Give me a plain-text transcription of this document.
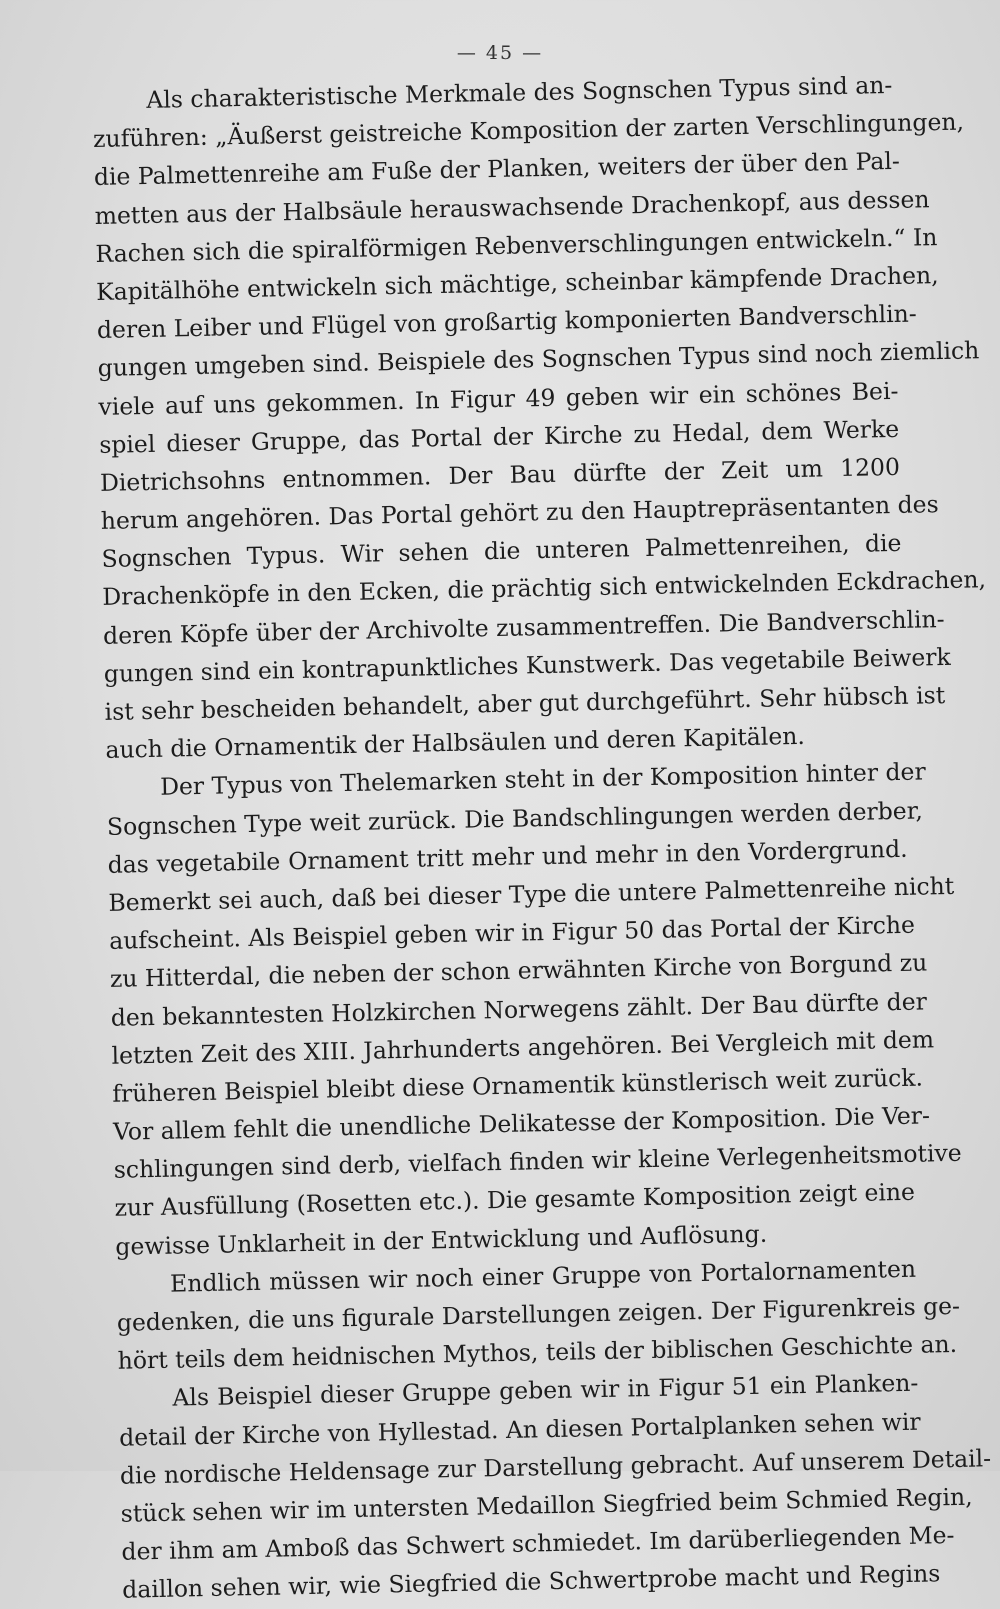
— 45 —
Als charakteristische Merkmale des Sognschen Typus sind an-
zuführen: „Äußerst geistreiche Komposition der zarten Verschlingungen,
die Palmettenreihe am Fuße der Planken, weiters der über den Pal-
metten aus der Halbsäule herauswachsende Drachenkopf, aus dessen
Rachen sich die spiralförmigen Rebenverschlingungen entwickeln.“ In
Kapitälhöhe entwickeln sich mächtige, scheinbar kämpfende Drachen,
deren Leiber und Flügel von großartig komponierten Bandverschlin-
gungen umgeben sind. Beispiele des Sognschen Typus sind noch ziemlich
viele auf uns gekommen. In Figur 49 geben wir ein schönes Bei-
spiel dieser Gruppe, das Portal der Kirche zu Hedal, dem Werke
Dietrichsohns entnommen. Der Bau dürfte der Zeit um 1200
herum angehören. Das Portal gehört zu den Hauptrepräsentanten des
Sognschen Typus. Wir sehen die unteren Palmettenreihen, die
Drachenköpfe in den Ecken, die prächtig sich entwickelnden Eckdrachen,
deren Köpfe über der Archivolte zusammentreffen. Die Bandverschlin-
gungen sind ein kontrapunktliches Kunstwerk. Das vegetabile Beiwerk
ist sehr bescheiden behandelt, aber gut durchgeführt. Sehr hübsch ist
auch die Ornamentik der Halbsäulen und deren Kapitälen.
Der Typus von Thelemarken steht in der Komposition hinter der
Sognschen Type weit zurück. Die Bandschlingungen werden derber,
das vegetabile Ornament tritt mehr und mehr in den Vordergrund.
Bemerkt sei auch, daß bei dieser Type die untere Palmettenreihe nicht
aufscheint. Als Beispiel geben wir in Figur 50 das Portal der Kirche
zu Hitterdal, die neben der schon erwähnten Kirche von Borgund zu
den bekanntesten Holzkirchen Norwegens zählt. Der Bau dürfte der
letzten Zeit des XIII. Jahrhunderts angehören. Bei Vergleich mit dem
früheren Beispiel bleibt diese Ornamentik künstlerisch weit zurück.
Vor allem fehlt die unendliche Delikatesse der Komposition. Die Ver-
schlingungen sind derb, vielfach finden wir kleine Verlegenheitsmotive
zur Ausfüllung (Rosetten etc.). Die gesamte Komposition zeigt eine
gewisse Unklarheit in der Entwicklung und Auflösung.
Endlich müssen wir noch einer Gruppe von Portalornamenten
gedenken, die uns figurale Darstellungen zeigen. Der Figurenkreis ge-
hört teils dem heidnischen Mythos, teils der biblischen Geschichte an.
Als Beispiel dieser Gruppe geben wir in Figur 51 ein Planken-
detail der Kirche von Hyllestad. An diesen Portalplanken sehen wir
die nordische Heldensage zur Darstellung gebracht. Auf unserem Detail-
stück sehen wir im untersten Medaillon Siegfried beim Schmied Regin,
der ihm am Amboß das Schwert schmiedet. Im darüberliegenden Me-
daillon sehen wir, wie Siegfried die Schwertprobe macht und Regins
